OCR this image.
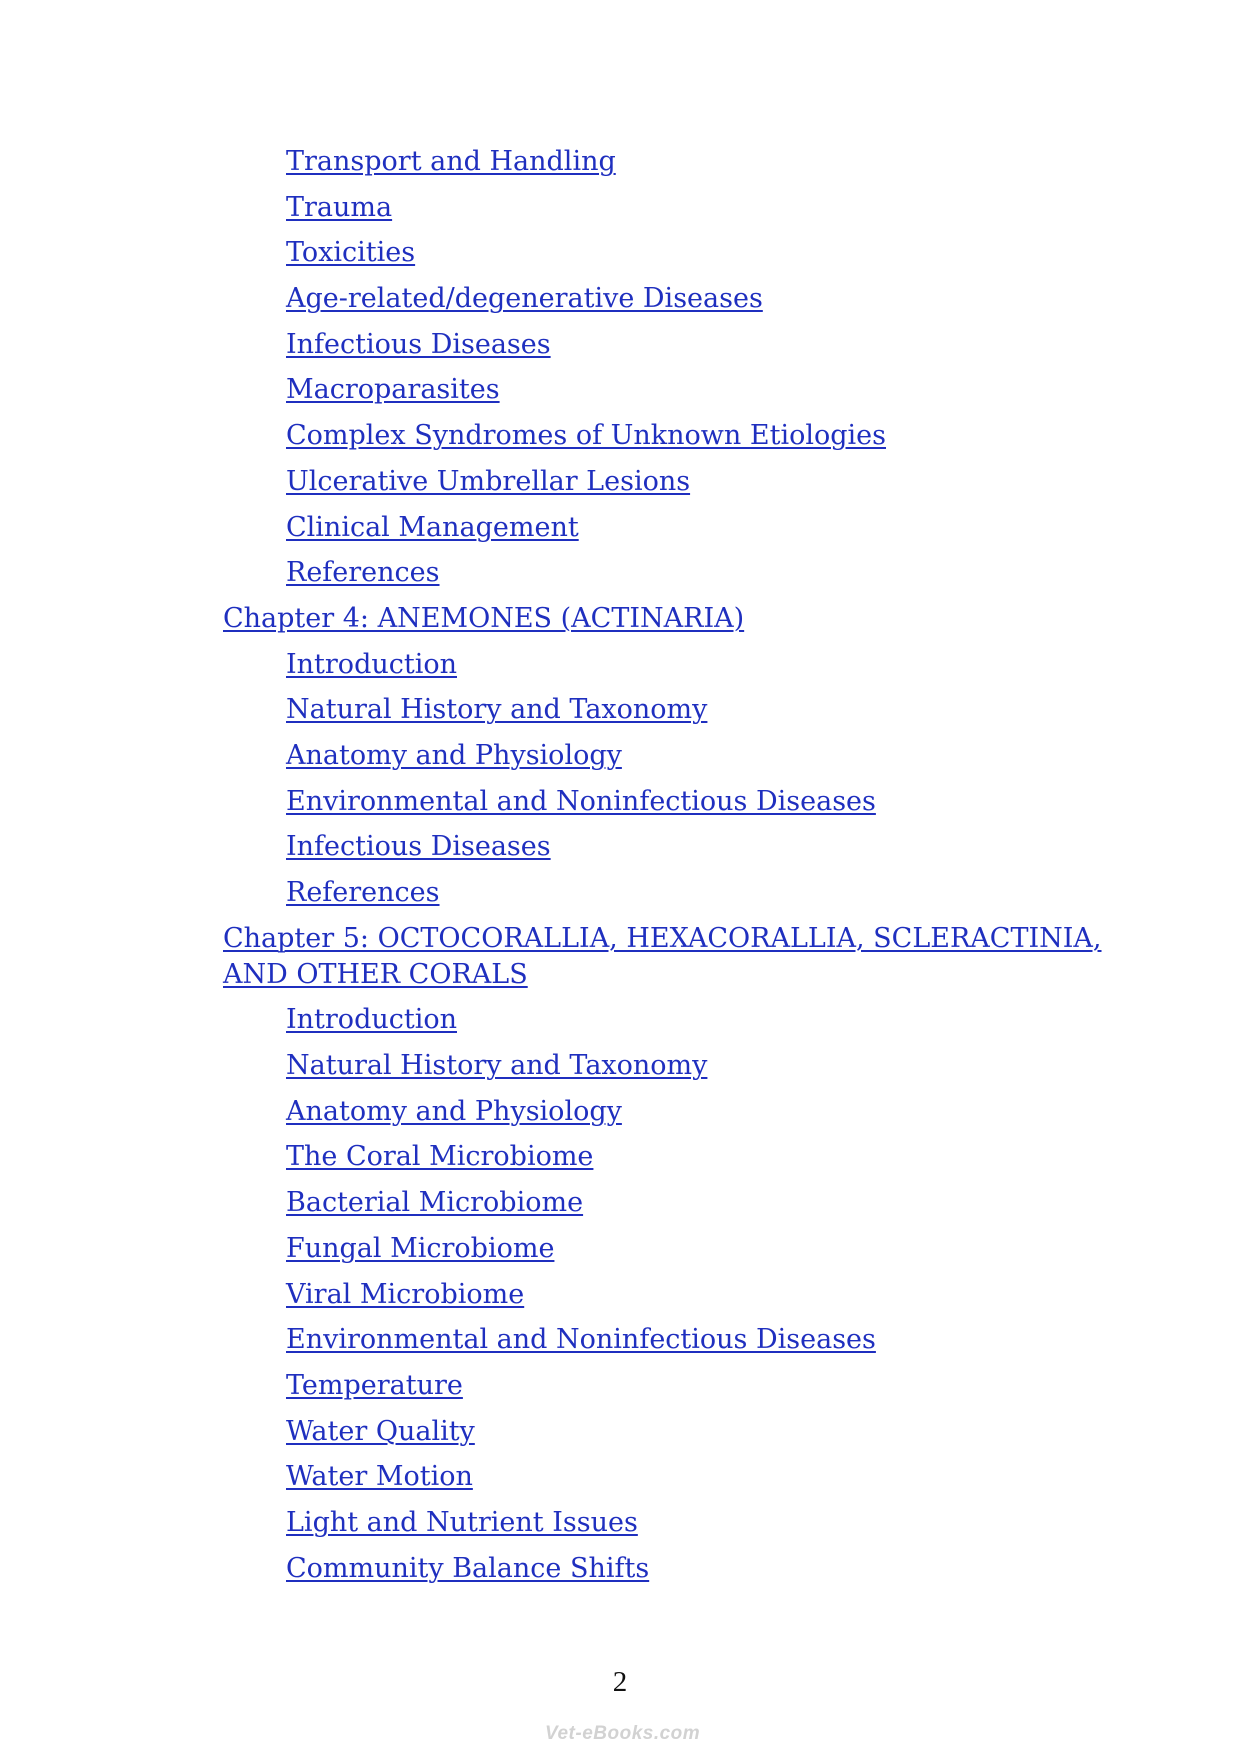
Transport and Handling
Trauma
Toxicities
Age-related/degenerative Diseases
Infectious Diseases
Macroparasites
Complex Syndromes of Unknown Etiologies
Ulcerative Umbrellar Lesions
Clinical Management
References
Chapter 4: ANEMONES (ACTINARIA)
Introduction
Natural History and Taxonomy
Anatomy and Physiology
Environmental and Noninfectious Diseases
Infectious Diseases
References
Chapter 5: OCTOCORALLIA, HEXACORALLIA, SCLERACTINIA, AND OTHER CORALS
Introduction
Natural History and Taxonomy
Anatomy and Physiology
The Coral Microbiome
Bacterial Microbiome
Fungal Microbiome
Viral Microbiome
Environmental and Noninfectious Diseases
Temperature
Water Quality
Water Motion
Light and Nutrient Issues
Community Balance Shifts
2
Vet-eBooks.com
